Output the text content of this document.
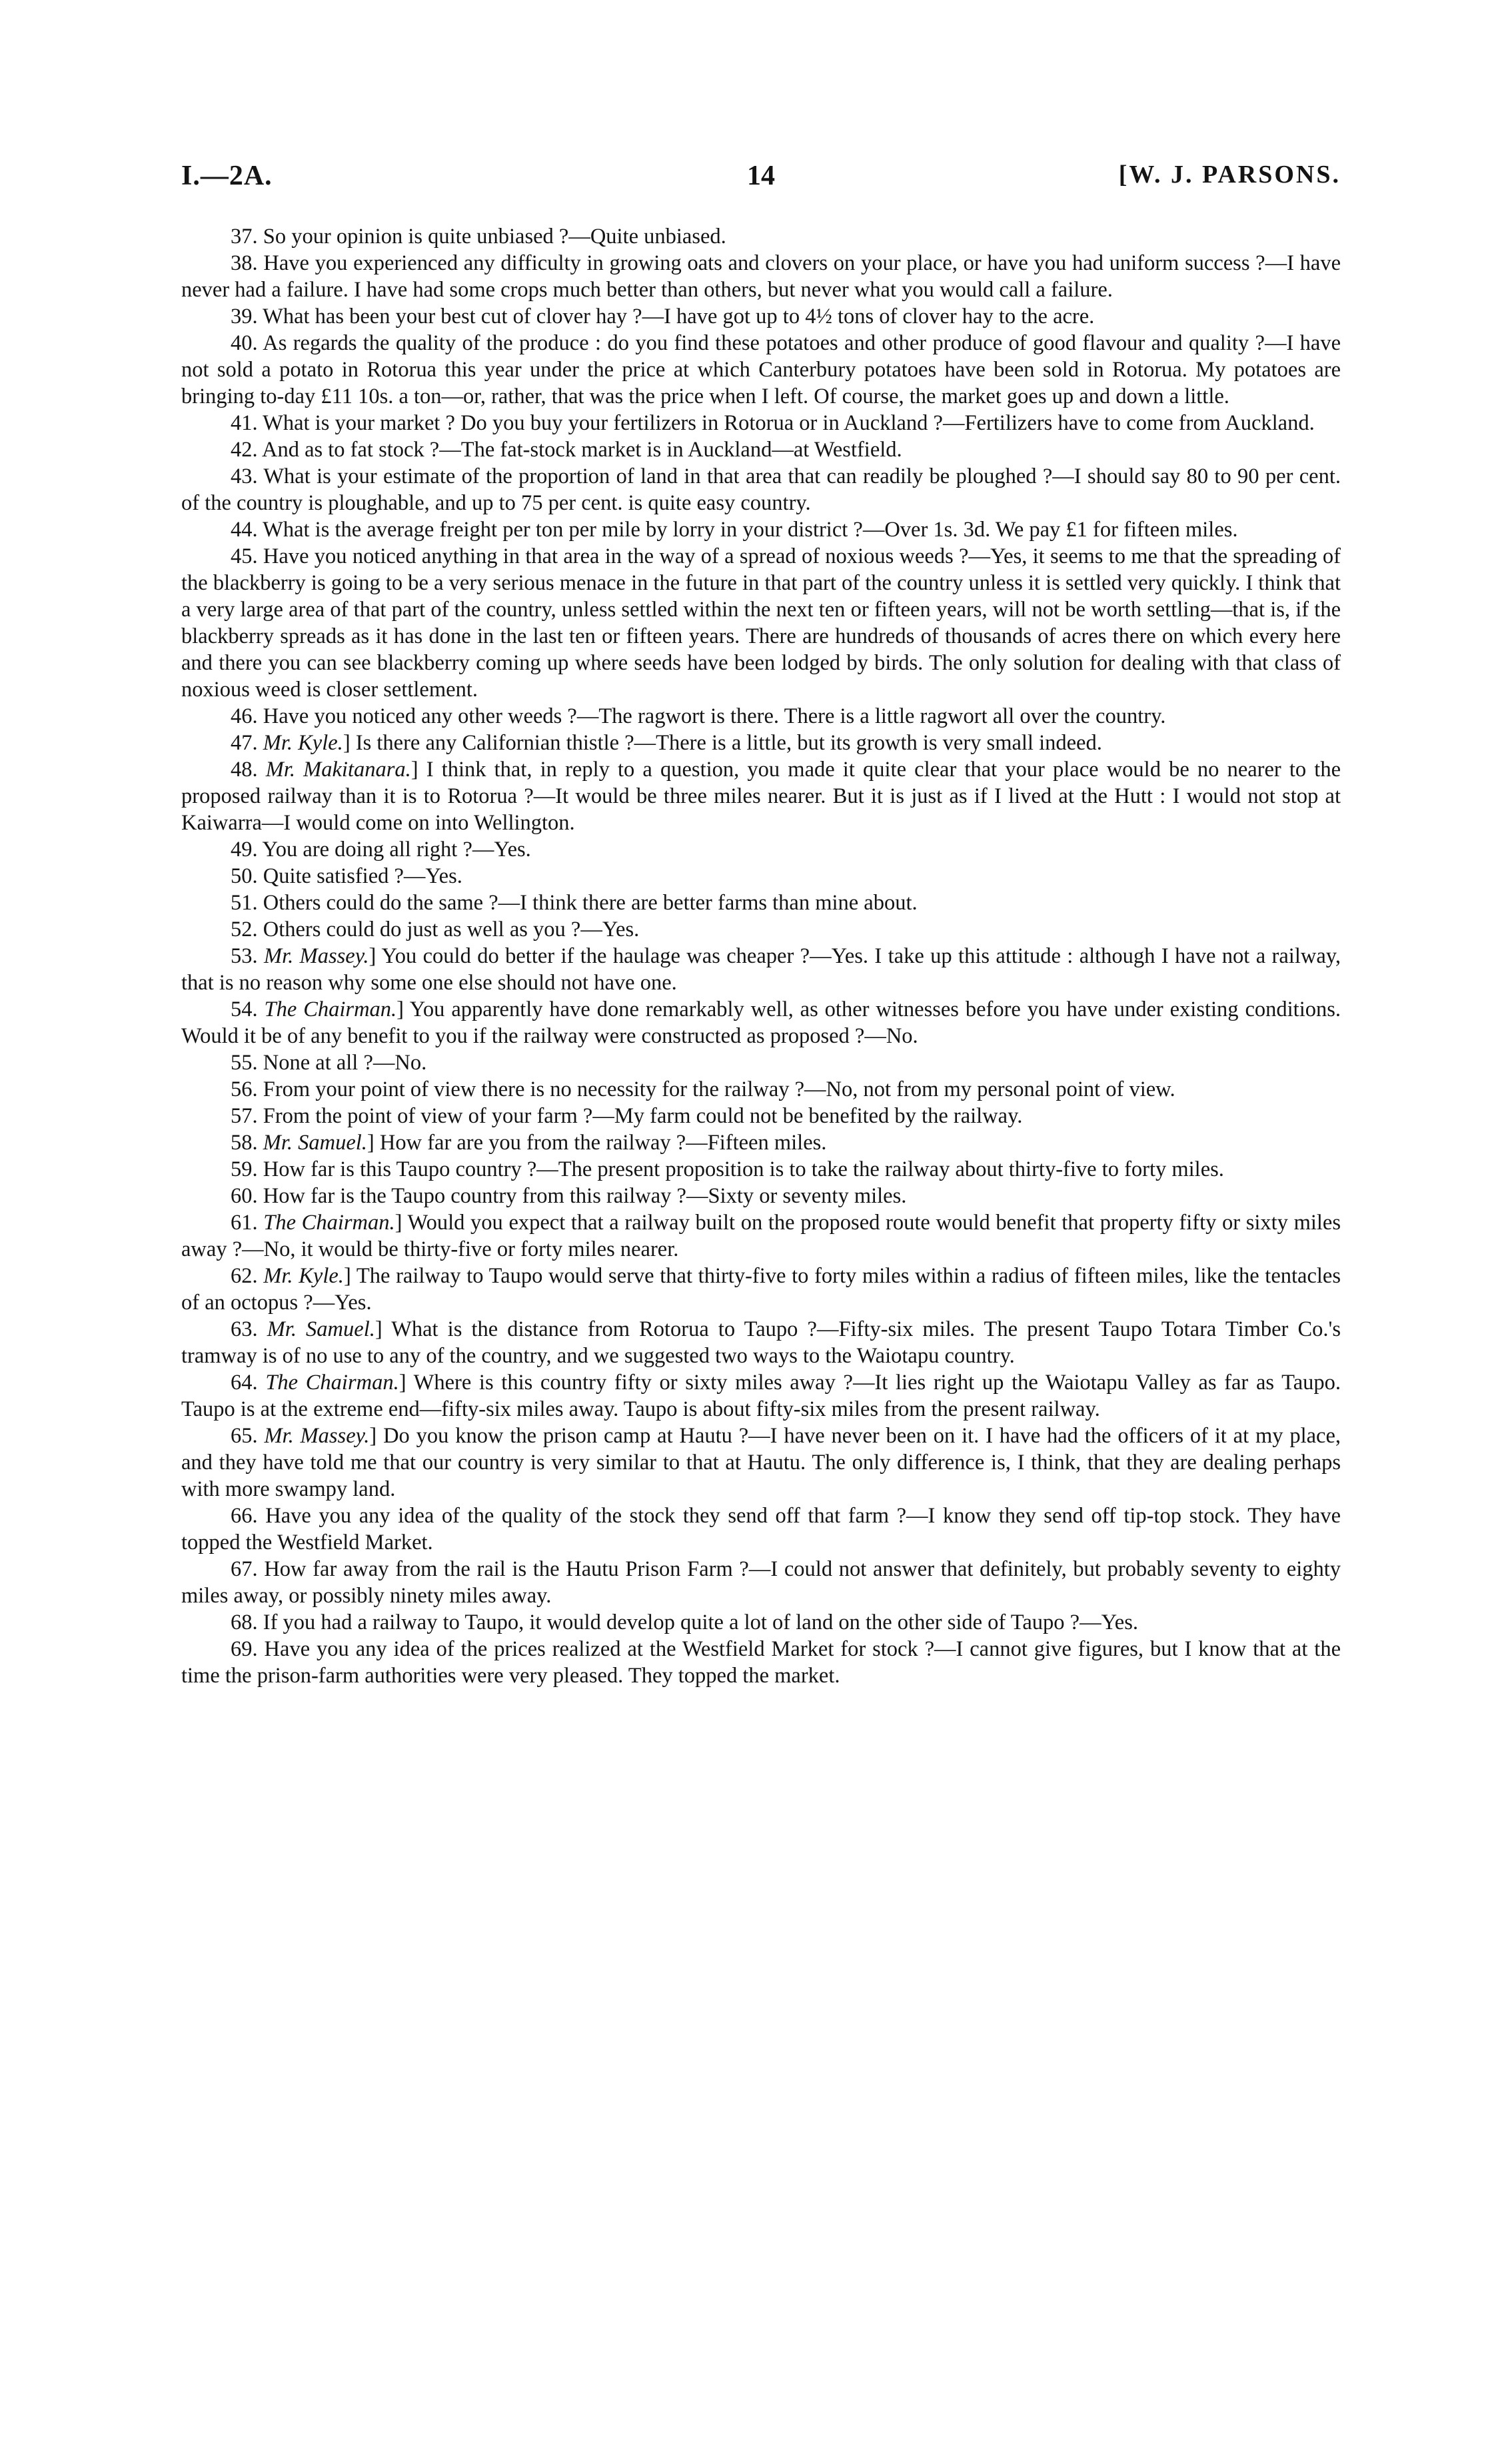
I.—2A.	14	[W. J. PARSONS.

37. So your opinion is quite unbiased ?—Quite unbiased.

38. Have you experienced any difficulty in growing oats and clovers on your place, or have you had uniform success ?—I have never had a failure. I have had some crops much better than others, but never what you would call a failure.

39. What has been your best cut of clover hay ?—I have got up to 4½ tons of clover hay to the acre.

40. As regards the quality of the produce : do you find these potatoes and other produce of good flavour and quality ?—I have not sold a potato in Rotorua this year under the price at which Canterbury potatoes have been sold in Rotorua. My potatoes are bringing to-day £11 10s. a ton—or, rather, that was the price when I left. Of course, the market goes up and down a little.

41. What is your market ? Do you buy your fertilizers in Rotorua or in Auckland ?—Fertilizers have to come from Auckland.

42. And as to fat stock ?—The fat-stock market is in Auckland—at Westfield.

43. What is your estimate of the proportion of land in that area that can readily be ploughed ?—I should say 80 to 90 per cent. of the country is ploughable, and up to 75 per cent. is quite easy country.

44. What is the average freight per ton per mile by lorry in your district ?—Over 1s. 3d. We pay £1 for fifteen miles.

45. Have you noticed anything in that area in the way of a spread of noxious weeds ?—Yes, it seems to me that the spreading of the blackberry is going to be a very serious menace in the future in that part of the country unless it is settled very quickly. I think that a very large area of that part of the country, unless settled within the next ten or fifteen years, will not be worth settling—that is, if the blackberry spreads as it has done in the last ten or fifteen years. There are hundreds of thousands of acres there on which every here and there you can see blackberry coming up where seeds have been lodged by birds. The only solution for dealing with that class of noxious weed is closer settlement.

46. Have you noticed any other weeds ?—The ragwort is there. There is a little ragwort all over the country.

47. Mr. Kyle.] Is there any Californian thistle ?—There is a little, but its growth is very small indeed.

48. Mr. Makitanara.] I think that, in reply to a question, you made it quite clear that your place would be no nearer to the proposed railway than it is to Rotorua ?—It would be three miles nearer. But it is just as if I lived at the Hutt : I would not stop at Kaiwarra—I would come on into Wellington.

49. You are doing all right ?—Yes.

50. Quite satisfied ?—Yes.

51. Others could do the same ?—I think there are better farms than mine about.

52. Others could do just as well as you ?—Yes.

53. Mr. Massey.] You could do better if the haulage was cheaper ?—Yes. I take up this attitude : although I have not a railway, that is no reason why some one else should not have one.

54. The Chairman.] You apparently have done remarkably well, as other witnesses before you have under existing conditions. Would it be of any benefit to you if the railway were constructed as proposed ?—No.

55. None at all ?—No.

56. From your point of view there is no necessity for the railway ?—No, not from my personal point of view.

57. From the point of view of your farm ?—My farm could not be benefited by the railway.

58. Mr. Samuel.] How far are you from the railway ?—Fifteen miles.

59. How far is this Taupo country ?—The present proposition is to take the railway about thirty-five to forty miles.

60. How far is the Taupo country from this railway ?—Sixty or seventy miles.

61. The Chairman.] Would you expect that a railway built on the proposed route would benefit that property fifty or sixty miles away ?—No, it would be thirty-five or forty miles nearer.

62. Mr. Kyle.] The railway to Taupo would serve that thirty-five to forty miles within a radius of fifteen miles, like the tentacles of an octopus ?—Yes.

63. Mr. Samuel.] What is the distance from Rotorua to Taupo ?—Fifty-six miles. The present Taupo Totara Timber Co.'s tramway is of no use to any of the country, and we suggested two ways to the Waiotapu country.

64. The Chairman.] Where is this country fifty or sixty miles away ?—It lies right up the Waiotapu Valley as far as Taupo. Taupo is at the extreme end—fifty-six miles away. Taupo is about fifty-six miles from the present railway.

65. Mr. Massey.] Do you know the prison camp at Hautu ?—I have never been on it. I have had the officers of it at my place, and they have told me that our country is very similar to that at Hautu. The only difference is, I think, that they are dealing perhaps with more swampy land.

66. Have you any idea of the quality of the stock they send off that farm ?—I know they send off tip-top stock. They have topped the Westfield Market.

67. How far away from the rail is the Hautu Prison Farm ?—I could not answer that definitely, but probably seventy to eighty miles away, or possibly ninety miles away.

68. If you had a railway to Taupo, it would develop quite a lot of land on the other side of Taupo ?—Yes.

69. Have you any idea of the prices realized at the Westfield Market for stock ?—I cannot give figures, but I know that at the time the prison-farm authorities were very pleased. They topped the market.
